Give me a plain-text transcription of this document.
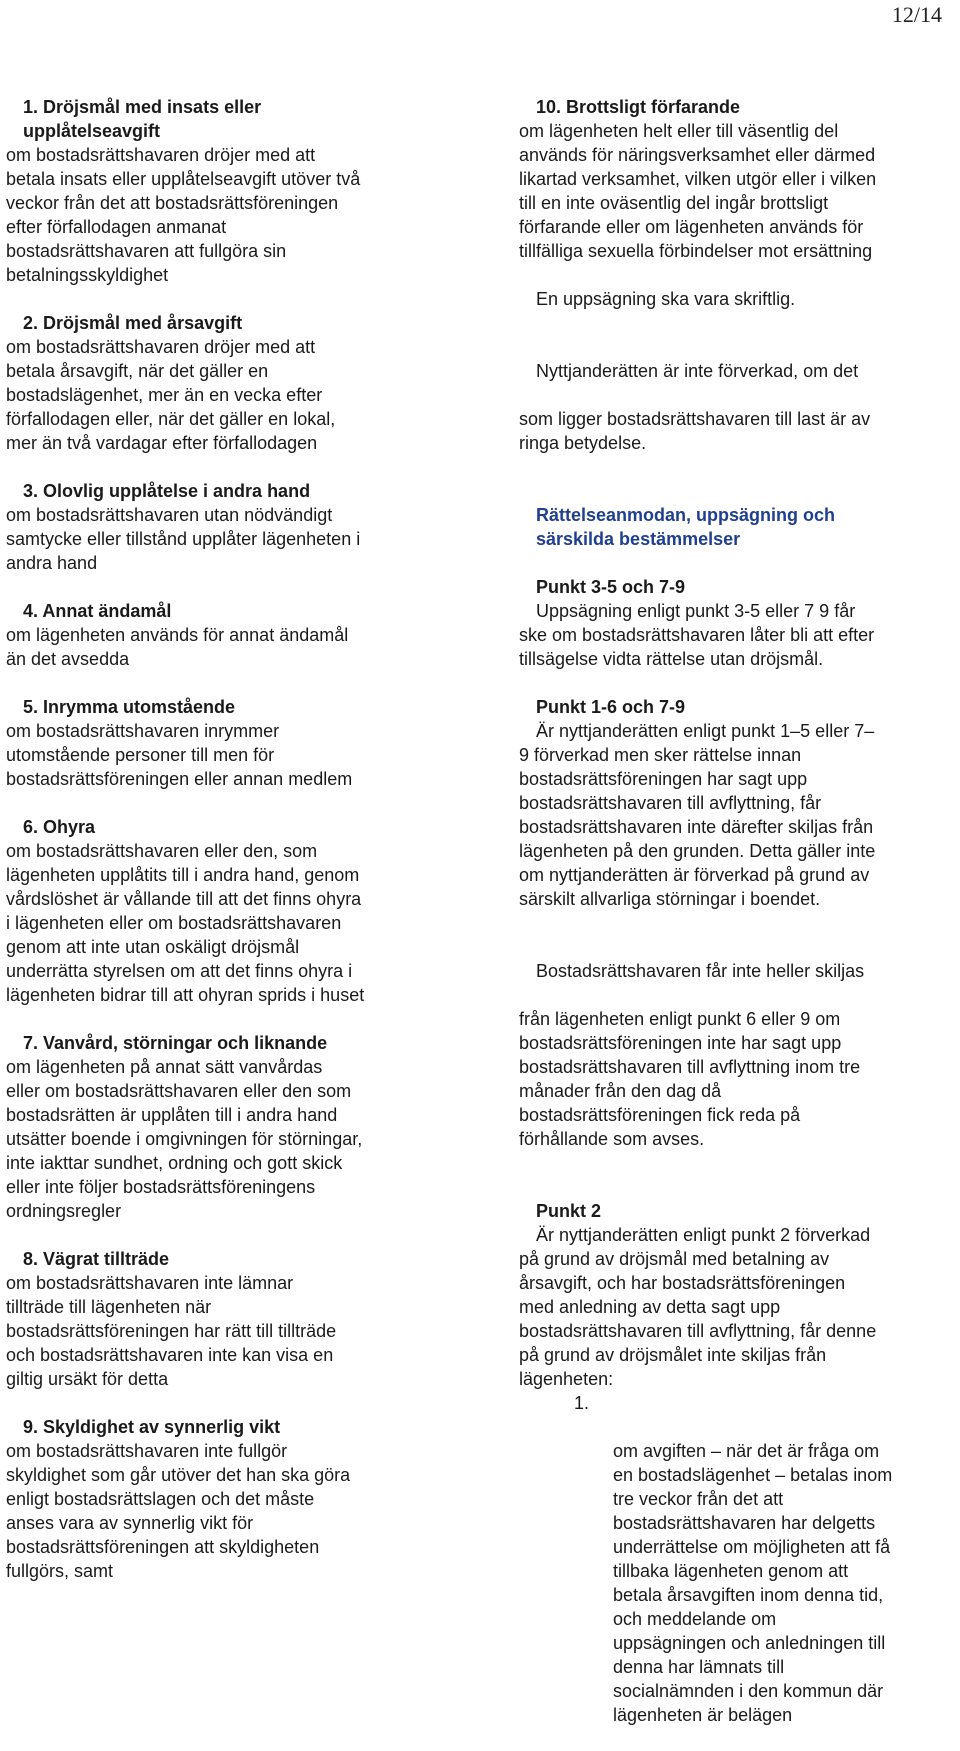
12/14
1. Dröjsmål med insats eller
upplåtelseavgift
om bostadsrättshavaren dröjer med att
betala insats eller upplåtelseavgift utöver två
veckor från det att bostadsrättsföreningen
efter förfallodagen anmanat
bostadsrättshavaren att fullgöra sin
betalningsskyldighet
2. Dröjsmål med årsavgift
om bostadsrättshavaren dröjer med att
betala årsavgift, när det gäller en
bostadslägenhet, mer än en vecka efter
förfallodagen eller, när det gäller en lokal,
mer än två vardagar efter förfallodagen
3. Olovlig upplåtelse i andra hand
om bostadsrättshavaren utan nödvändigt
samtycke eller tillstånd upplåter lägenheten i
andra hand
4. Annat ändamål
om lägenheten används för annat ändamål
än det avsedda
5. Inrymma utomstående
om bostadsrättshavaren inrymmer
utomstående personer till men för
bostadsrättsföreningen eller annan medlem
6. Ohyra
om bostadsrättshavaren eller den, som
lägenheten upplåtits till i andra hand, genom
vårdslöshet är vållande till att det finns ohyra
i lägenheten eller om bostadsrättshavaren
genom att inte utan oskäligt dröjsmål
underrätta styrelsen om att det finns ohyra i
lägenheten bidrar till att ohyran sprids i huset
7. Vanvård, störningar och liknande
om lägenheten på annat sätt vanvårdas
eller om bostadsrättshavaren eller den som
bostadsrätten är upplåten till i andra hand
utsätter boende i omgivningen för störningar,
inte iakttar sundhet, ordning och gott skick
eller inte följer bostadsrättsföreningens
ordningsregler
8. Vägrat tillträde
om bostadsrättshavaren inte lämnar
tillträde till lägenheten när
bostadsrättsföreningen har rätt till tillträde
och bostadsrättshavaren inte kan visa en
giltig ursäkt för detta
9. Skyldighet av synnerlig vikt
om bostadsrättshavaren inte fullgör
skyldighet som går utöver det han ska göra
enligt bostadsrättslagen och det måste
anses vara av synnerlig vikt för
bostadsrättsföreningen att skyldigheten
fullgörs, samt
10. Brottsligt förfarande
om lägenheten helt eller till väsentlig del
används för näringsverksamhet eller därmed
likartad verksamhet, vilken utgör eller i vilken
till en inte oväsentlig del ingår brottsligt
förfarande eller om lägenheten används för
tillfälliga sexuella förbindelser mot ersättning
En uppsägning ska vara skriftlig.

Nyttjanderätten är inte förverkad, om det

som ligger bostadsrättshavaren till last är av
ringa betydelse.

Rättelseanmodan, uppsägning och
särskilda bestämmelser
Punkt 3-5 och 7-9
Uppsägning enligt punkt 3-5 eller 7 9 får
ske om bostadsrättshavaren låter bli att efter
tillsägelse vidta rättelse utan dröjsmål.
Punkt 1-6 och 7-9
Är nyttjanderätten enligt punkt 1–5 eller 7–
9 förverkad men sker rättelse innan
bostadsrättsföreningen har sagt upp
bostadsrättshavaren till avflyttning, får
bostadsrättshavaren inte därefter skiljas från
lägenheten på den grunden. Detta gäller inte
om nyttjanderätten är förverkad på grund av
särskilt allvarliga störningar i boendet.

Bostadsrättshavaren får inte heller skiljas

från lägenheten enligt punkt 6 eller 9 om
bostadsrättsföreningen inte har sagt upp
bostadsrättshavaren till avflyttning inom tre
månader från den dag då
bostadsrättsföreningen fick reda på
förhållande som avses.

Punkt 2
Är nyttjanderätten enligt punkt 2 förverkad
på grund av dröjsmål med betalning av
årsavgift, och har bostadsrättsföreningen
med anledning av detta sagt upp
bostadsrättshavaren till avflyttning, får denne
på grund av dröjsmålet inte skiljas från
lägenheten:

1.

om avgiften – när det är fråga om
en bostadslägenhet – betalas inom
tre veckor från det att
bostadsrättshavaren har delgetts
underrättelse om möjligheten att få
tillbaka lägenheten genom att
betala årsavgiften inom denna tid,
och meddelande om
uppsägningen och anledningen till
denna har lämnats till
socialnämnden i den kommun där
lägenheten är belägen
